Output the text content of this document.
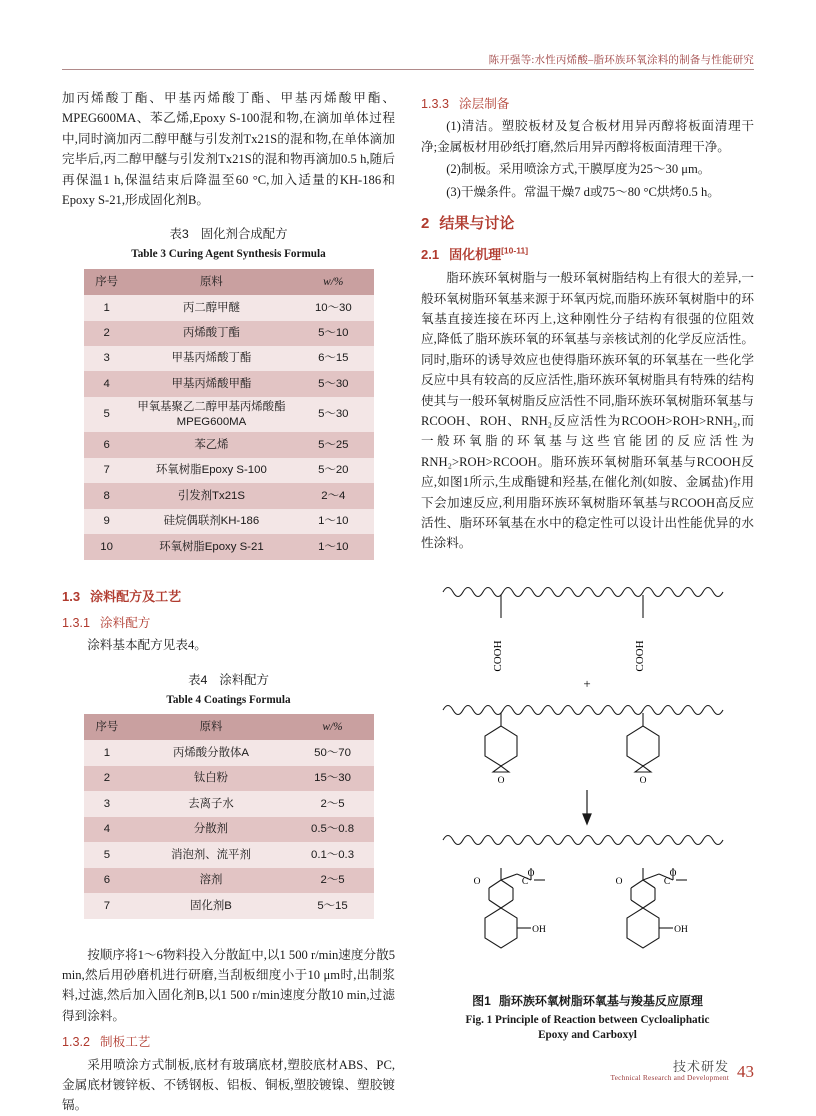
陈开强等:水性丙烯酸–脂环族环氧涂料的制备与性能研究

加丙烯酸丁酯、甲基丙烯酸丁酯、甲基丙烯酸甲酯、MPEG600MA、苯乙烯,Epoxy S-100混和物,在滴加单体过程中,同时滴加丙二醇甲醚与引发剂Tx21S的混和物,在单体滴加完毕后,丙二醇甲醚与引发剂Tx21S的混和物再滴加0.5 h,随后再保温1 h,保温结束后降温至60 °C,加入适量的KH-186和Epoxy S-21,形成固化剂B。

表3 固化剂合成配方
Table 3 Curing Agent Synthesis Formula
序号	原料	w/%
1	丙二醇甲醚	10～30
2	丙烯酸丁酯	5～10
3	甲基丙烯酸丁酯	6～15
4	甲基丙烯酸甲酯	5～30
5	甲氧基聚乙二醇甲基丙烯酸酯
MPEG600MA	5～30
6	苯乙烯	5～25
7	环氧树脂Epoxy S-100	5～20
8	引发剂Tx21S	2～4
9	硅烷偶联剂KH-186	1～10
10	环氧树脂Epoxy S-21	1～10
1.3 涂料配方及工艺
1.3.1 涂料配方

涂料基本配方见表4。

表4 涂料配方
Table 4 Coatings Formula
序号	原料	w/%
1	丙烯酸分散体A	50～70
2	钛白粉	15～30
3	去离子水	2～5
4	分散剂	0.5～0.8
5	消泡剂、流平剂	0.1～0.3
6	溶剂	2～5
7	固化剂B	5～15

按顺序将1～6物料投入分散缸中,以1 500 r/min速度分散5 min,然后用砂磨机进行研磨,当刮板细度小于10 μm时,出制浆料,过滤,然后加入固化剂B,以1 500 r/min速度分散10 min,过滤得到涂料。

1.3.2 制板工艺

采用喷涂方式制板,底材有玻璃底材,塑胶底材ABS、PC,金属底材镀锌板、不锈钢板、铝板、铜板,塑胶镀镍、塑胶镀镉。

1.3.3 涂层制备

(1)清洁。塑胶板材及复合板材用异丙醇将板面清理干净;金属板材用砂纸打磨,然后用异丙醇将板面清理干净。

(2)制板。采用喷涂方式,干膜厚度为25～30 μm。

(3)干燥条件。常温干燥7 d或75～80 °C烘烤0.5 h。

2 结果与讨论
2.1 固化机理[10-11]

脂环族环氧树脂与一般环氧树脂结构上有很大的差异,一般环氧树脂环氧基来源于环氧丙烷,而脂环族环氧树脂中的环氧基直接连接在环丙上,这种刚性分子结构有很强的位阻效应,降低了脂环族环氧的环氧基与亲核试剂的化学反应活性。同时,脂环的诱导效应也使得脂环族环氧的环氧基在一些化学反应中具有较高的反应活性,脂环族环氧树脂具有特殊的结构使其与一般环氧树脂反应活性不同,脂环族环氧树脂环氧基与RCOOH、ROH、RNH₂反应活性为RCOOH>ROH>RNH₂,而一般环氧脂的环氧基与这些官能团的反应活性为RNH₂>ROH>RCOOH。脂环族环氧树脂环氧基与RCOOH反应,如图1所示,生成酯键和羟基,在催化剂(如胺、金属盐)作用下会加速反应,利用脂环族环氧树脂环氧基与RCOOH高反应活性、脂环环氧基在水中的稳定性可以设计出性能优异的水性涂料。

COOH	COOH
+
O	O
O
O
C
OH
O
O
C
OH
图1 脂环族环氧树脂环氧基与羧基反应原理
Fig. 1 Principle of Reaction between Cycloaliphatic
Epoxy and Carboxyl
技术研发
Technical Research and Development 43
